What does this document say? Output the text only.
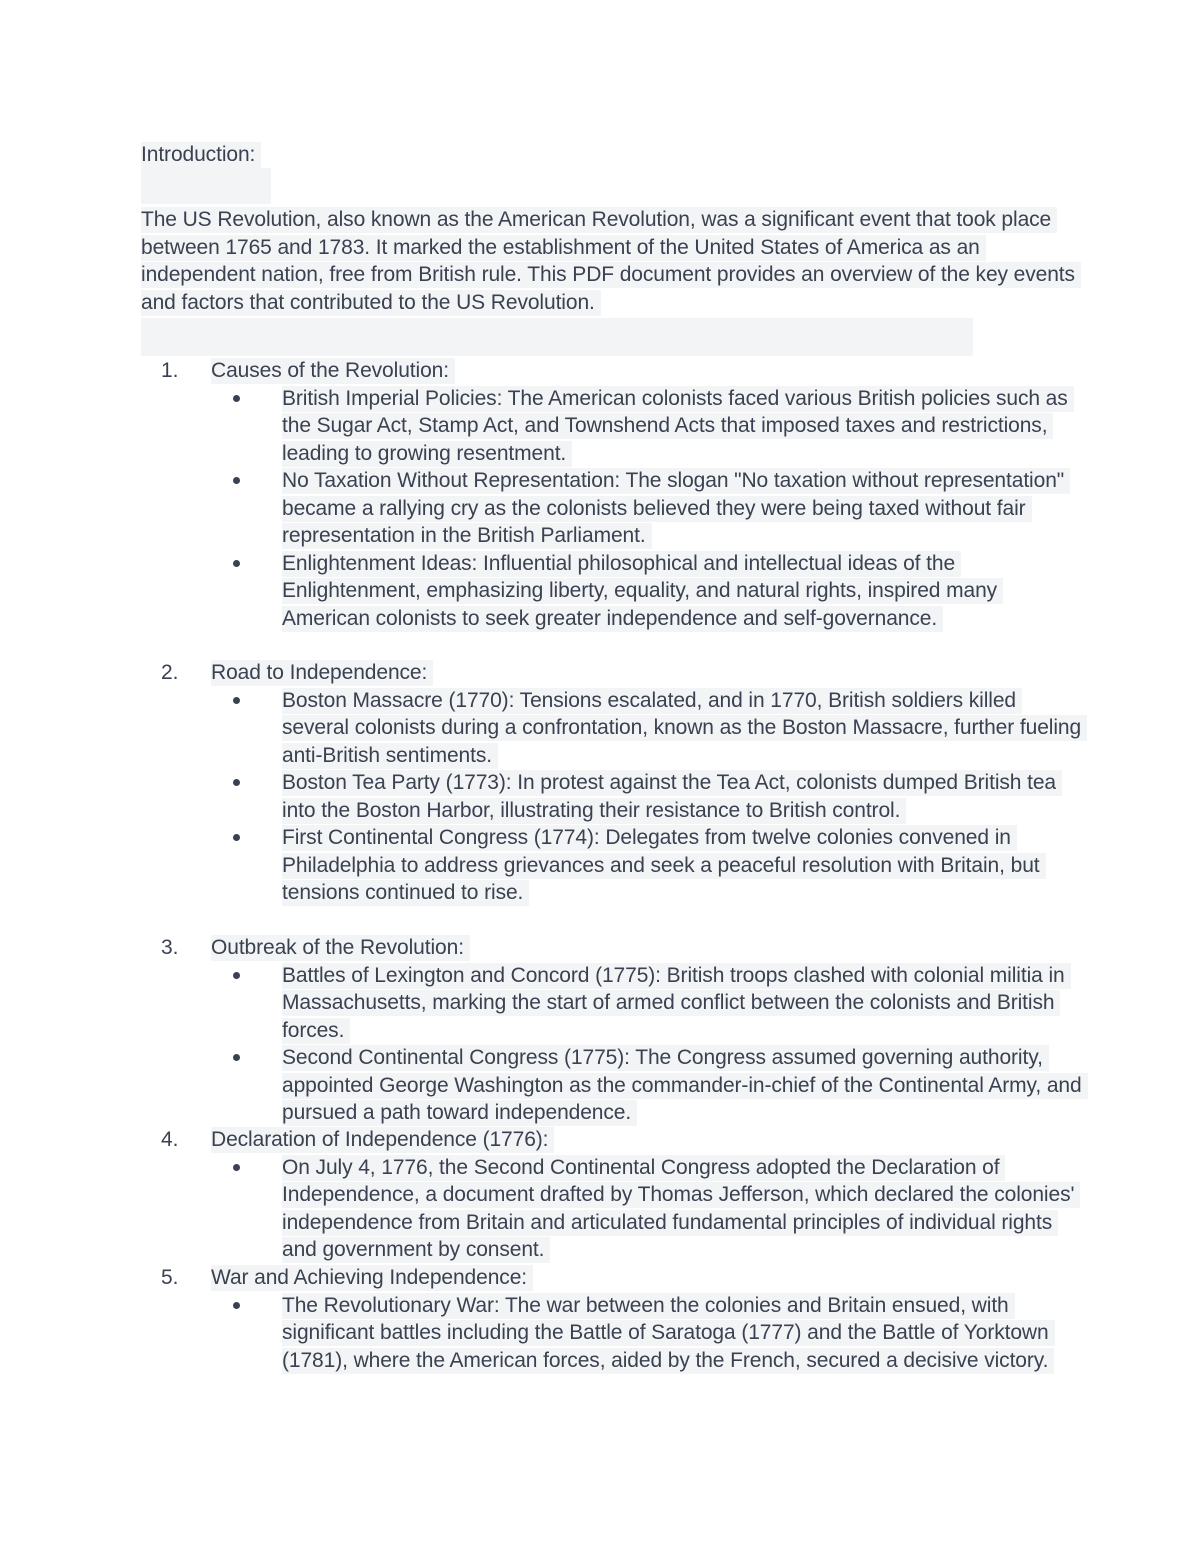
Introduction:
The US Revolution, also known as the American Revolution, was a significant event that took place between 1765 and 1783. It marked the establishment of the United States of America as an independent nation, free from British rule. This PDF document provides an overview of the key events and factors that contributed to the US Revolution.
1. Causes of the Revolution:
British Imperial Policies: The American colonists faced various British policies such as the Sugar Act, Stamp Act, and Townshend Acts that imposed taxes and restrictions, leading to growing resentment.
No Taxation Without Representation: The slogan "No taxation without representation" became a rallying cry as the colonists believed they were being taxed without fair representation in the British Parliament.
Enlightenment Ideas: Influential philosophical and intellectual ideas of the Enlightenment, emphasizing liberty, equality, and natural rights, inspired many American colonists to seek greater independence and self-governance.
2. Road to Independence:
Boston Massacre (1770): Tensions escalated, and in 1770, British soldiers killed several colonists during a confrontation, known as the Boston Massacre, further fueling anti-British sentiments.
Boston Tea Party (1773): In protest against the Tea Act, colonists dumped British tea into the Boston Harbor, illustrating their resistance to British control.
First Continental Congress (1774): Delegates from twelve colonies convened in Philadelphia to address grievances and seek a peaceful resolution with Britain, but tensions continued to rise.
3. Outbreak of the Revolution:
Battles of Lexington and Concord (1775): British troops clashed with colonial militia in Massachusetts, marking the start of armed conflict between the colonists and British forces.
Second Continental Congress (1775): The Congress assumed governing authority, appointed George Washington as the commander-in-chief of the Continental Army, and pursued a path toward independence.
4. Declaration of Independence (1776):
On July 4, 1776, the Second Continental Congress adopted the Declaration of Independence, a document drafted by Thomas Jefferson, which declared the colonies' independence from Britain and articulated fundamental principles of individual rights and government by consent.
5. War and Achieving Independence:
The Revolutionary War: The war between the colonies and Britain ensued, with significant battles including the Battle of Saratoga (1777) and the Battle of Yorktown (1781), where the American forces, aided by the French, secured a decisive victory.
